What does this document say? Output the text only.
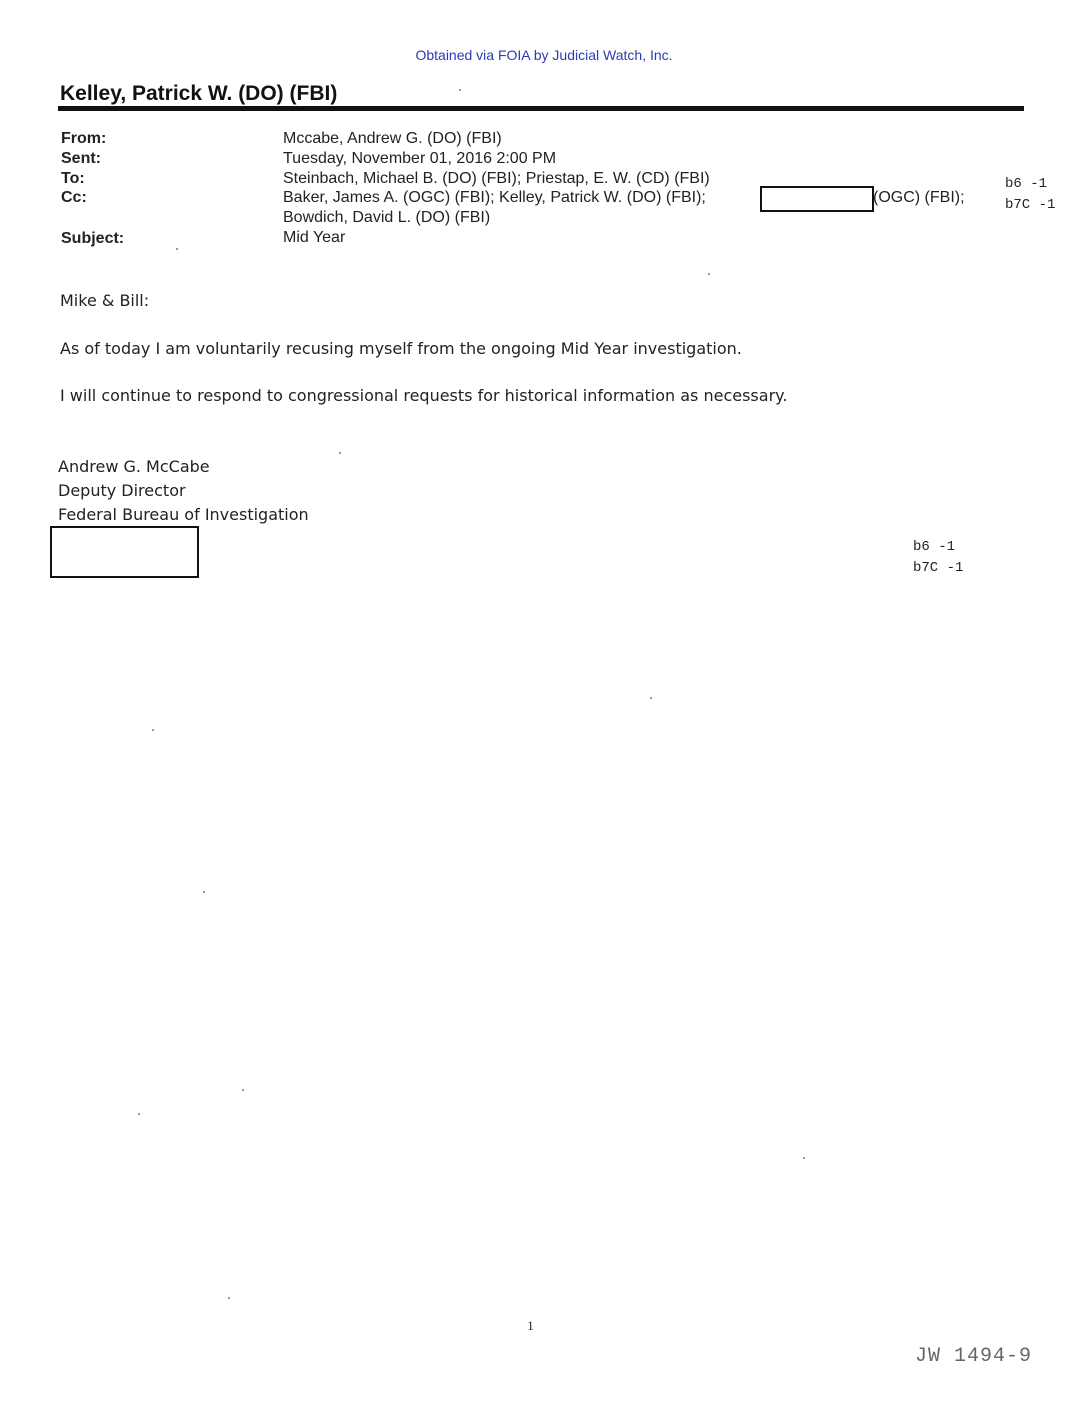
Obtained via FOIA by Judicial Watch, Inc.
Kelley, Patrick W. (DO) (FBI)
From:	Mccabe, Andrew G. (DO) (FBI)
Sent:	Tuesday, November 01, 2016 2:00 PM
To:	Steinbach, Michael B. (DO) (FBI); Priestap, E. W. (CD) (FBI)
Cc:	Baker, James A. (OGC) (FBI); Kelley, Patrick W. (DO) (FBI);	(OGC) (FBI);
Bowdich, David L. (DO) (FBI)
Subject:	Mid Year
b6 -1
b7C -1
Mike & Bill:
As of today I am voluntarily recusing myself from the ongoing Mid Year investigation.
I will continue to respond to congressional requests for historical information as necessary.
Andrew G. McCabe
Deputy Director
Federal Bureau of Investigation
b6 -1
b7C -1
1
JW 1494-9
